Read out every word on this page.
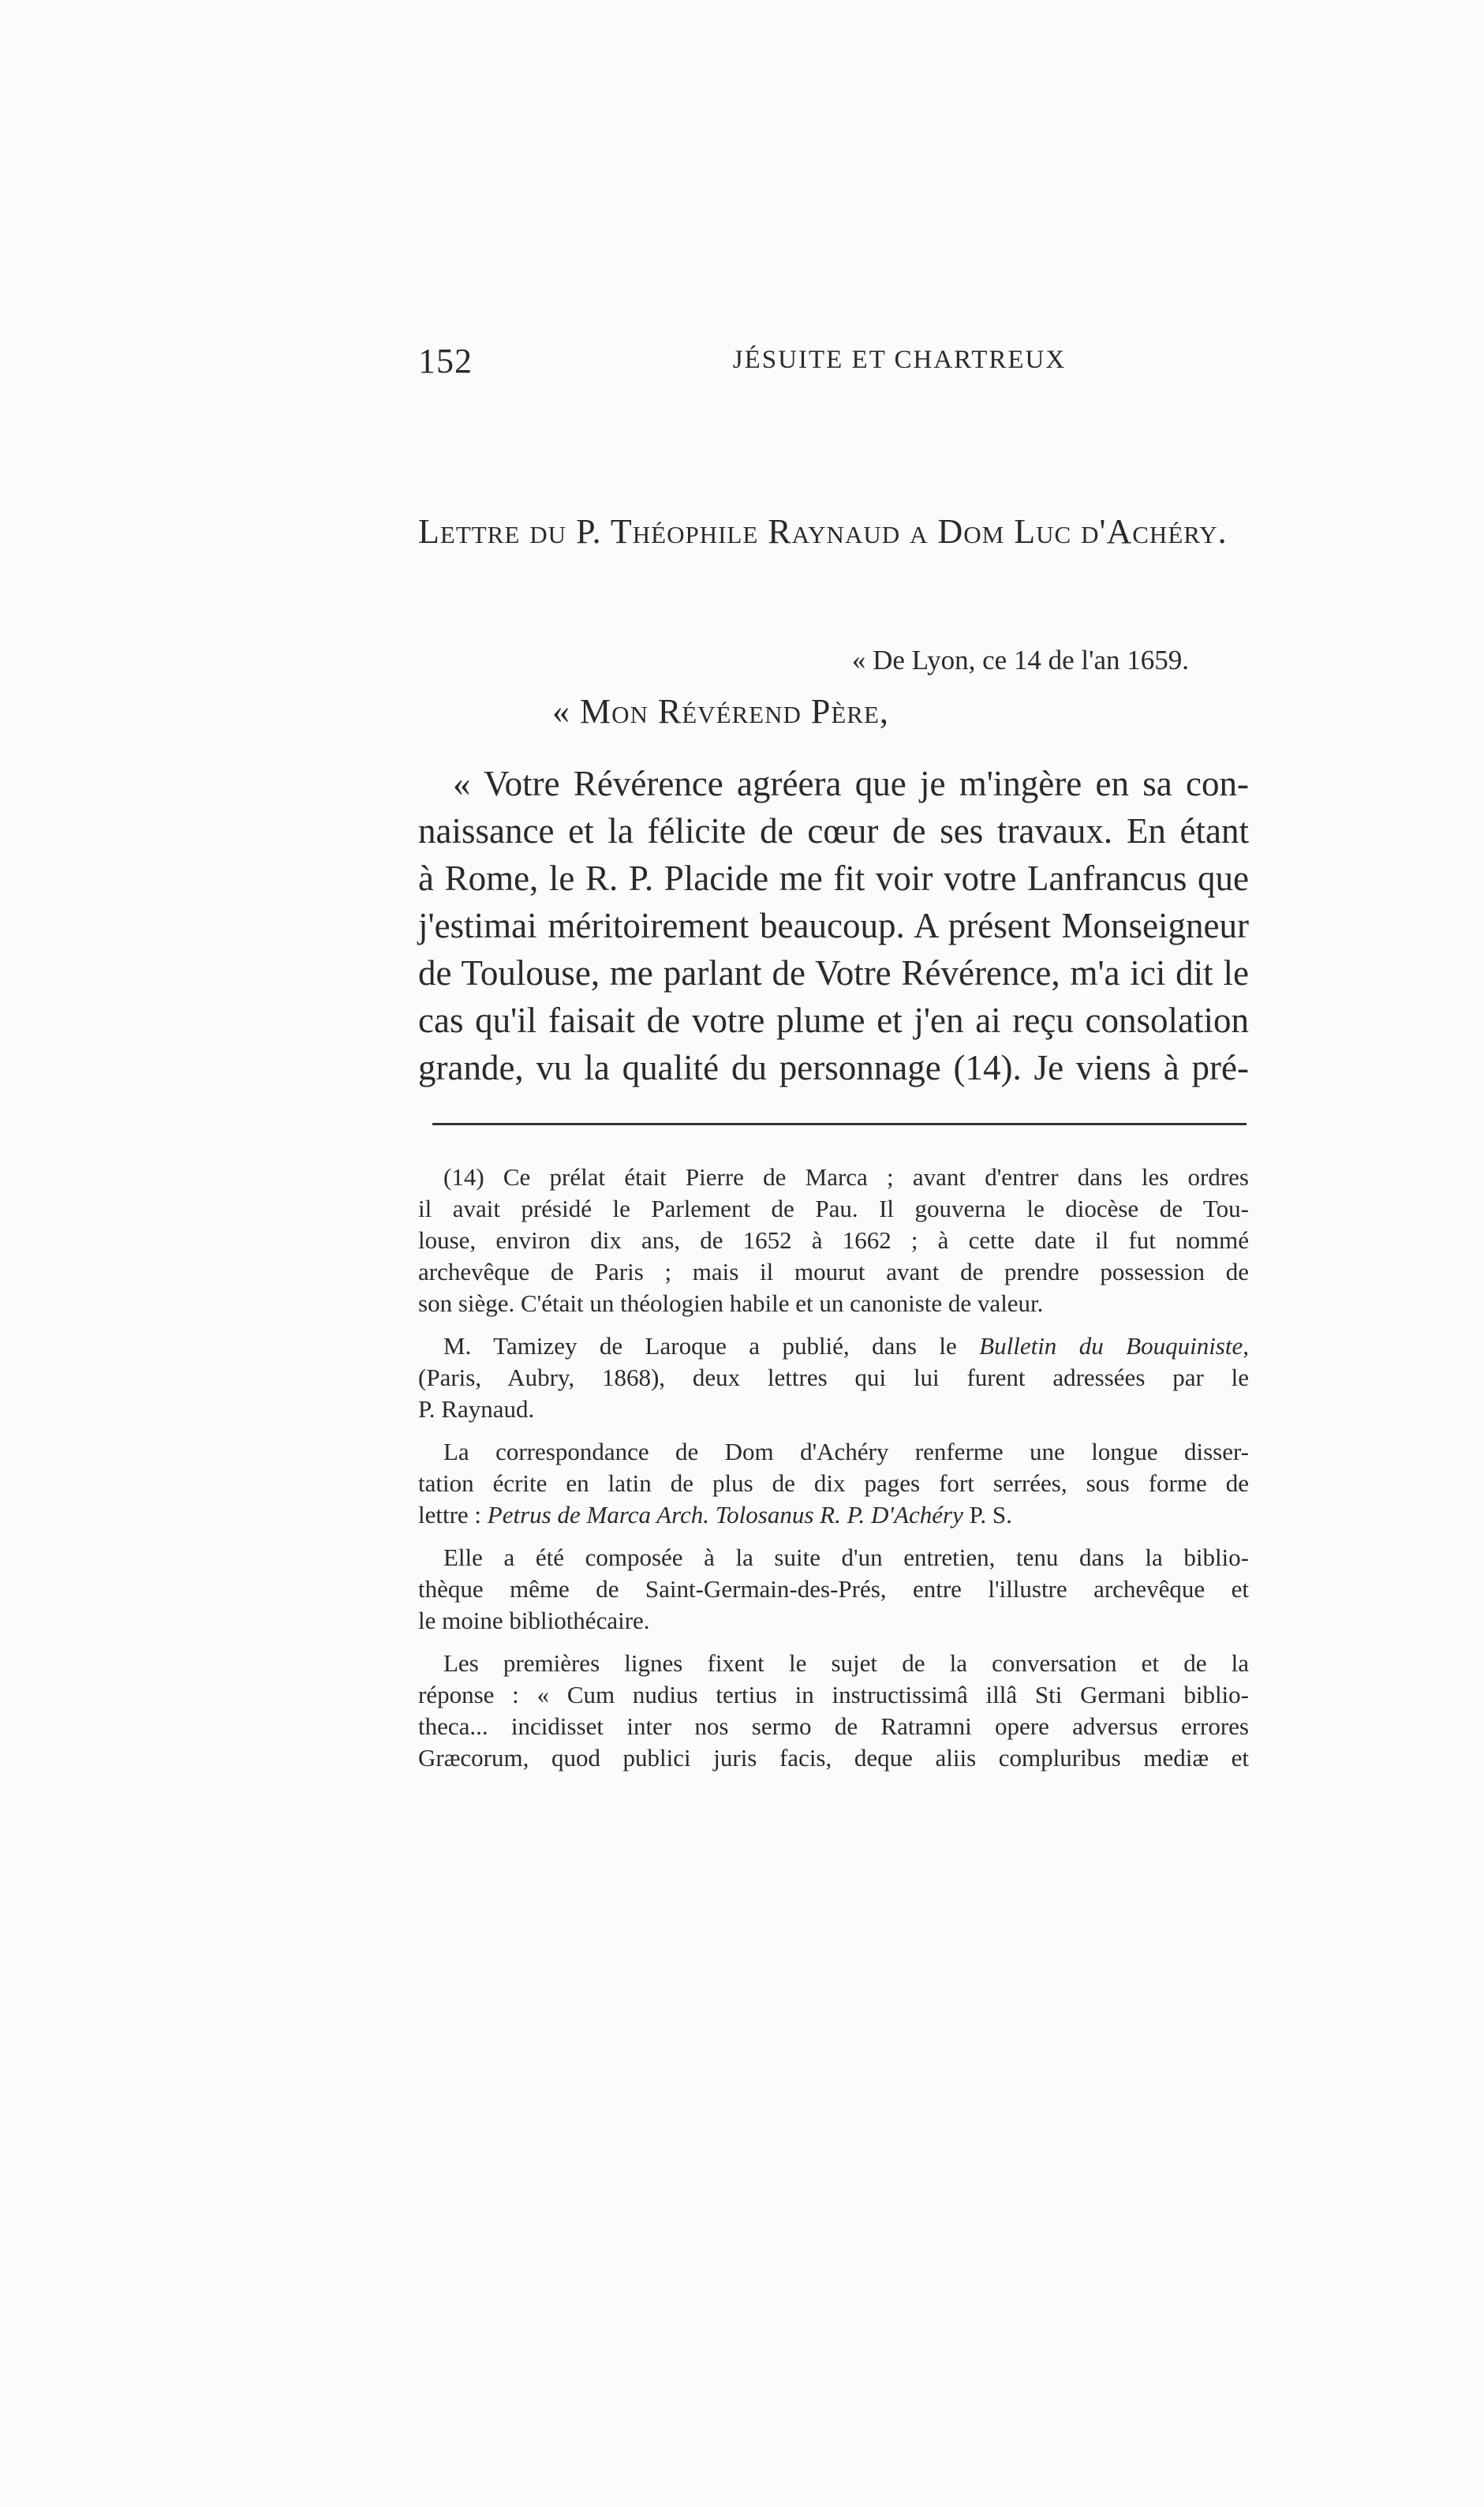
152	JÉSUITE ET CHARTREUX
Lettre du P. Théophile Raynaud a Dom Luc d'Achéry.
« De Lyon, ce 14 de l'an 1659.
« Mon Révérend Père,
« Votre Révérence agréera que je m'ingère en sa con-
naissance et la félicite de cœur de ses travaux. En étant
à Rome, le R. P. Placide me fit voir votre Lanfrancus que
j'estimai méritoirement beaucoup. A présent Monseigneur
de Toulouse, me parlant de Votre Révérence, m'a ici dit le
cas qu'il faisait de votre plume et j'en ai reçu consolation
grande, vu la qualité du personnage (14). Je viens à pré-

(14) Ce prélat était Pierre de Marca ; avant d'entrer dans les ordres
il avait présidé le Parlement de Pau. Il gouverna le diocèse de Tou-
louse, environ dix ans, de 1652 à 1662 ; à cette date il fut nommé
archevêque de Paris ; mais il mourut avant de prendre possession de
son siège. C'était un théologien habile et un canoniste de valeur.

M. Tamizey de Laroque a publié, dans le Bulletin du Bouquiniste,
(Paris, Aubry, 1868), deux lettres qui lui furent adressées par le
P. Raynaud.

La correspondance de Dom d'Achéry renferme une longue disser-
tation écrite en latin de plus de dix pages fort serrées, sous forme de
lettre : Petrus de Marca Arch. Tolosanus R. P. D'Achéry P. S.

Elle a été composée à la suite d'un entretien, tenu dans la biblio-
thèque même de Saint-Germain-des-Prés, entre l'illustre archevêque et
le moine bibliothécaire.

Les premières lignes fixent le sujet de la conversation et de la
réponse : « Cum nudius tertius in instructissimâ illâ Sti Germani biblio-
theca... incidisset inter nos sermo de Ratramni opere adversus errores
Græcorum, quod publici juris facis, deque aliis compluribus mediæ et
